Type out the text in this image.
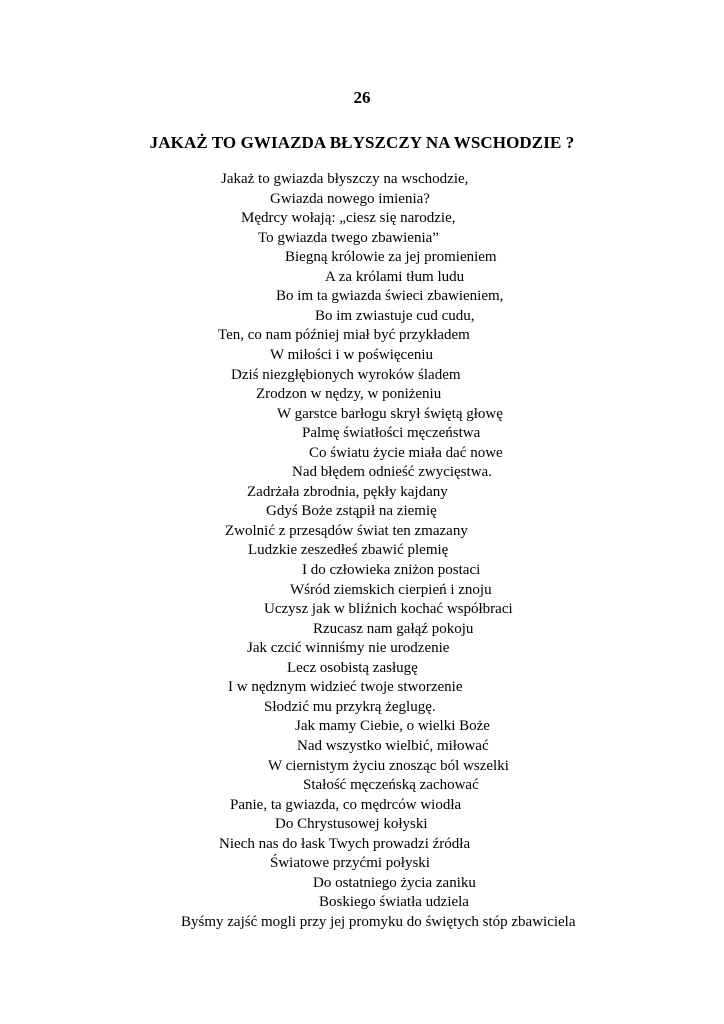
26
JAKAŻ TO GWIAZDA BŁYSZCZY NA WSCHODZIE ?
Jakaż to gwiazda błyszczy na wschodzie,
Gwiazda nowego imienia?
Mędrcy wołają: „ciesz się narodzie,
To gwiazda twego zbawienia”
Biegną królowie za jej promieniem
A za królami tłum ludu
Bo im ta gwiazda świeci zbawieniem,
Bo im zwiastuje cud cudu,
Ten, co nam później miał być przykładem
W miłości i w poświęceniu
Dziś niezgłębionych wyroków śladem
Zrodzon w nędzy, w poniżeniu
W garstce barłogu skrył świętą głowę
Palmę światłości męczeństwa
Co światu życie miała dać nowe
Nad błędem odnieść zwycięstwa.
Zadrżała zbrodnia, pękły kajdany
Gdyś Boże zstąpił na ziemię
Zwolnić z przesądów świat ten zmazany
Ludzkie zeszedłeś zbawić plemię
I do człowieka zniżon postaci
Wśród ziemskich cierpień i znoju
Uczysz jak w bliźnich kochać współbraci
Rzucasz nam gałąź pokoju
Jak czcić winniśmy nie urodzenie
Lecz osobistą zasługę
I w nędznym widzieć twoje stworzenie
Słodzić mu przykrą żeglugę.
Jak mamy Ciebie, o wielki Boże
Nad wszystko wielbić, miłować
W ciernistym życiu znosząc ból wszelki
Stałość męczeńską zachować
Panie, ta gwiazda, co mędrców wiodła
Do Chrystusowej kołyski
Niech nas do łask Twych prowadzi źródła
Światowe przyćmi połyski
Do ostatniego życia zaniku
Boskiego światła udziela
Byśmy zajść mogli przy jej promyku do świętych stóp zbawiciela
